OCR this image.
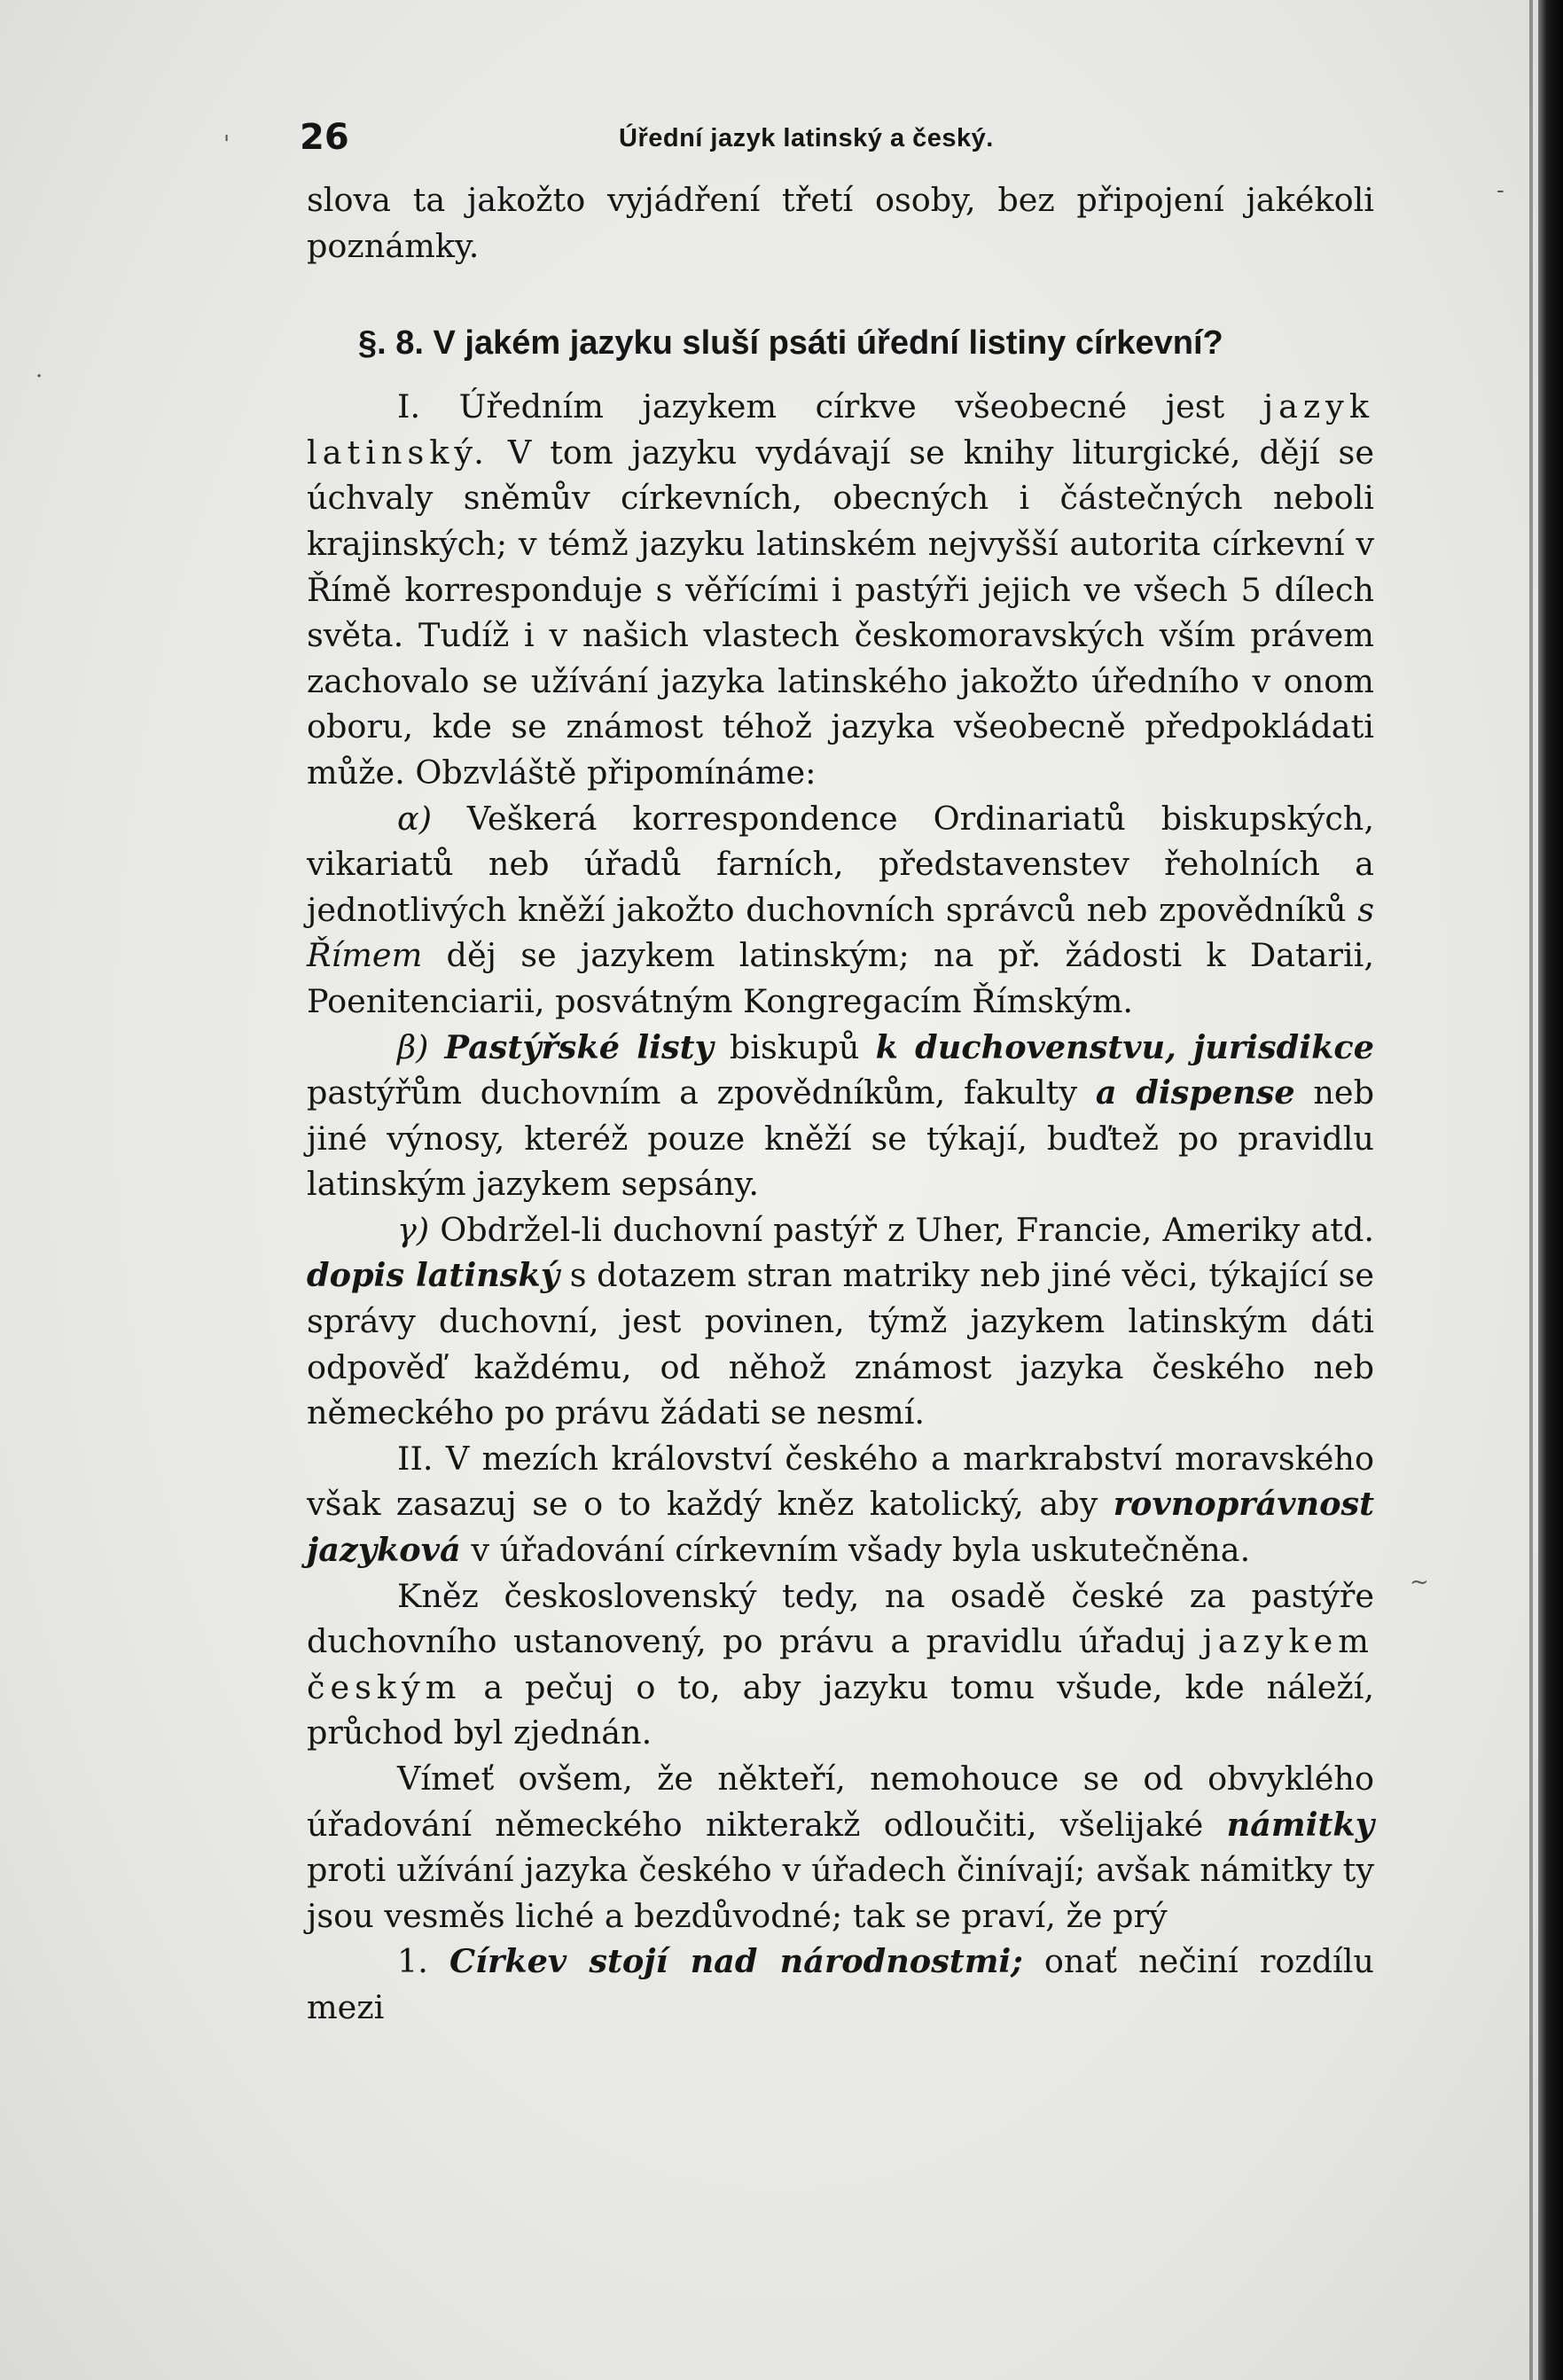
'
·
-
~
26	Úřední jazyk latinský a český.

slova ta jakožto vyjádření třetí osoby, bez připojení jakékoli poznámky.

§. 8. V jakém jazyku sluší psáti úřední listiny církevní?

I. Úředním jazykem církve všeobecné jest jazyk latinský. V tom jazyku vydávají se knihy liturgické, dějí se úchvaly sněmův církevních, obecných i částečných neboli krajinských; v témž jazyku latinském nejvyšší autorita církevní v Římě korresponduje s věřícími i pastýři jejich ve všech 5 dílech světa. Tudíž i v našich vlastech českomoravských vším právem zachovalo se užívání jazyka latinského jakožto úředního v onom oboru, kde se známost téhož jazyka všeobecně předpokládati může. Obzvláště připomínáme:

α) Veškerá korrespondence Ordinariatů biskupských, vikariatů neb úřadů farních, představenstev řeholních a jednotlivých kněží jakožto duchovních správců neb zpovědníků s Římem děj se jazykem latinským; na př. žádosti k Datarii, Poenitenciarii, posvátným Kongregacím Římským.

β) Pastýřské listy biskupů k duchovenstvu, jurisdikce pastýřům duchovním a zpovědníkům, fakulty a dispense neb jiné výnosy, kteréž pouze kněží se týkají, buďtež po pravidlu latinským jazykem sepsány.

γ) Obdržel-li duchovní pastýř z Uher, Francie, Ameriky atd. dopis latinský s dotazem stran matriky neb jiné věci, týkající se správy duchovní, jest povinen, týmž jazykem latinským dáti odpověď každému, od něhož známost jazyka českého neb německého po právu žádati se nesmí.

II. V mezích království českého a markrabství moravského však zasazuj se o to každý kněz katolický, aby rovnoprávnost jazyková v úřadování církevním všady byla uskutečněna.

Kněz československý tedy, na osadě české za pastýře duchovního ustanovený, po právu a pravidlu úřaduj jazykem českým a pečuj o to, aby jazyku tomu všude, kde náleží, průchod byl zjednán.

Vímeť ovšem, že někteří, nemohouce se od obvyklého úřadování německého nikterakž odloučiti, všelijaké námitky proti užívání jazyka českého v úřadech činívají; avšak námitky ty jsou vesměs liché a bezdůvodné; tak se praví, že prý

1. Církev stojí nad národnostmi; onať nečiní rozdílu mezi
